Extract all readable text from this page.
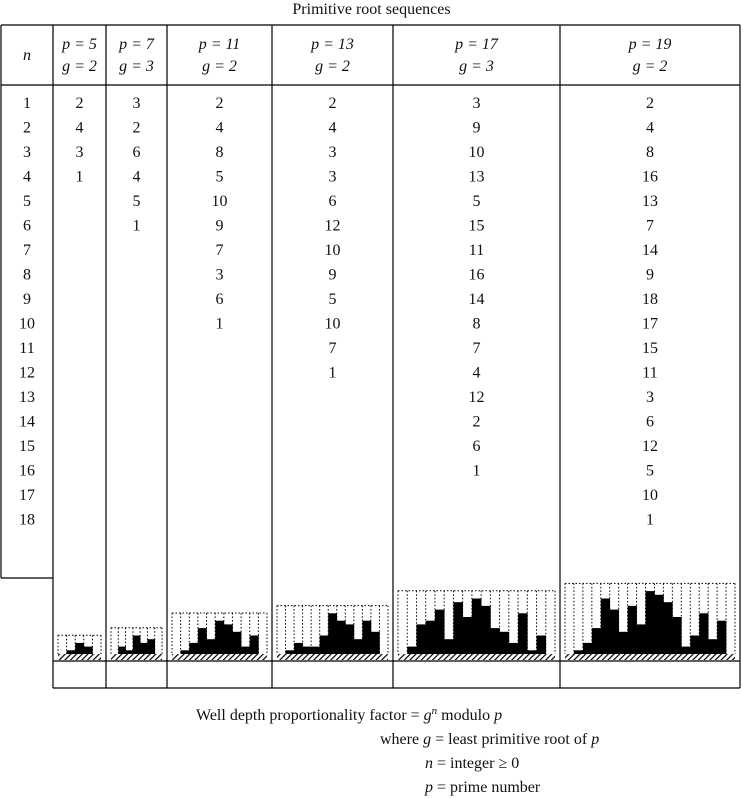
Primitive root sequences
n
p = 5
g = 2
p = 7
g = 3
p = 11
g = 2
p = 13
g = 2
p = 17
g = 3
p = 19
g = 2
1
2
3
4
5
6
7
8
9
10
11
12
13
14
15
16
17
18
2
4
3
1
3
2
6
4
5
1
2
4
8
5
10
9
7
3
6
1
2
4
3
3
6
12
10
9
5
10
7
1
3
9
10
13
5
15
11
16
14
8
7
4
12
2
6
1
2
4
8
16
13
7
14
9
18
17
15
11
3
6
12
5
10
1
Well depth proportionality factor = $g^n$ modulo p
where g = least primitive root of p
n = integer ≥ 0
p = prime number
